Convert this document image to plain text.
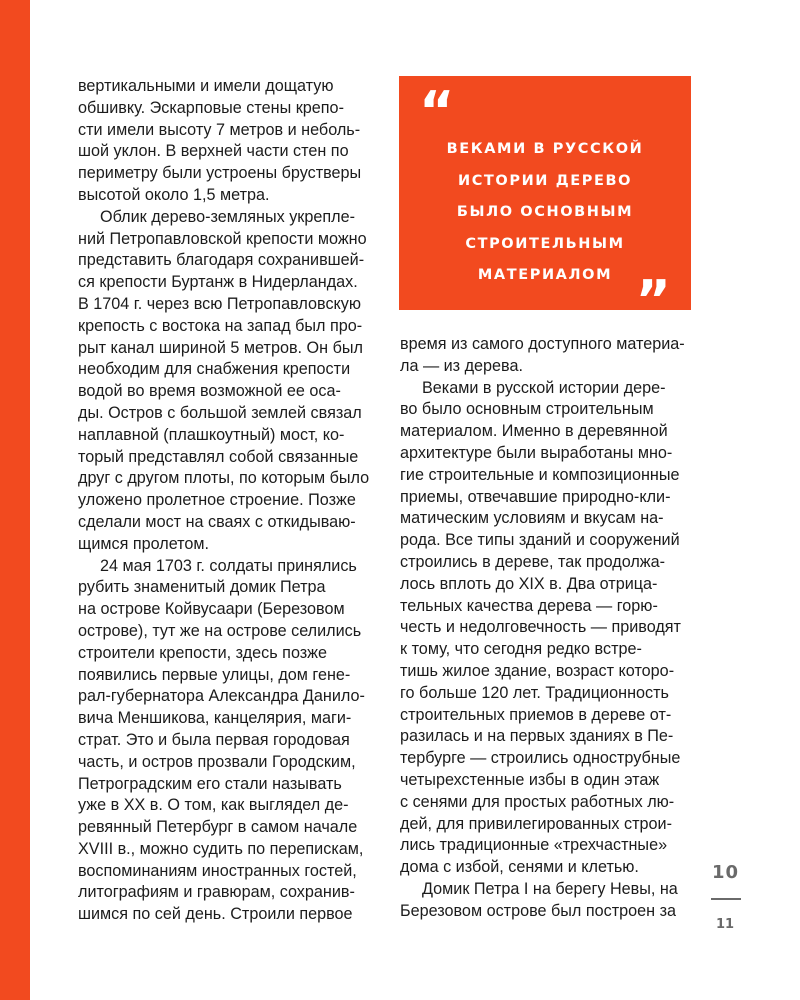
вертикальными и имели дощатую
обшивку. Эскарповые стены крепо-
сти имели высоту 7 метров и неболь-
шой уклон. В верхней части стен по
периметру были устроены брустверы
высотой около 1,5 метра.
Облик дерево-земляных укрепле-
ний Петропавловской крепости можно
представить благодаря сохранившей-
ся крепости Буртанж в Нидерландах.
В 1704 г. через всю Петропавловскую
крепость с востока на запад был про-
рыт канал шириной 5 метров. Он был
необходим для снабжения крепости
водой во время возможной ее оса-
ды. Остров с большой землей связал
наплавной (плашкоутный) мост, ко-
торый представлял собой связанные
друг с другом плоты, по которым было
уложено пролетное строение. Позже
сделали мост на сваях с откидываю-
щимся пролетом.
24 мая 1703 г. солдаты принялись
рубить знаменитый домик Петра
на острове Койвусаари (Березовом
острове), тут же на острове селились
строители крепости, здесь позже
появились первые улицы, дом гене-
рал-губернатора Александра Данило-
вича Меншикова, канцелярия, маги-
страт. Это и была первая городовая
часть, и остров прозвали Городским,
Петроградским его стали называть
уже в XX в. О том, как выглядел де-
ревянный Петербург в самом начале
XVIII в., можно судить по перепискам,
воспоминаниям иностранных гостей,
литографиям и гравюрам, сохранив-
шимся по сей день. Строили первое
“
ВЕКАМИ В РУССКОЙ
ИСТОРИИ ДЕРЕВО
БЫЛО ОСНОВНЫМ
СТРОИТЕЛЬНЫМ
МАТЕРИАЛОМ ”
время из самого доступного материа-
ла — из дерева.
Веками в русской истории дере-
во было основным строительным
материалом. Именно в деревянной
архитектуре были выработаны мно-
гие строительные и композиционные
приемы, отвечавшие природно-кли-
матическим условиям и вкусам на-
рода. Все типы зданий и сооружений
строились в дереве, так продолжа-
лось вплоть до XIX в. Два отрица-
тельных качества дерева — горю-
честь и недолговечность — приводят
к тому, что сегодня редко встре-
тишь жилое здание, возраст которо-
го больше 120 лет. Традиционность
строительных приемов в дереве от-
разилась и на первых зданиях в Пе-
тербурге — строились однострубные
четырехстенные избы в один этаж
с сенями для простых работных лю-
дей, для привилегированных строи-
лись традиционные «трехчастные»
дома с избой, сенями и клетью.
Домик Петра I на берегу Невы, на
Березовом острове был построен за
10
11
